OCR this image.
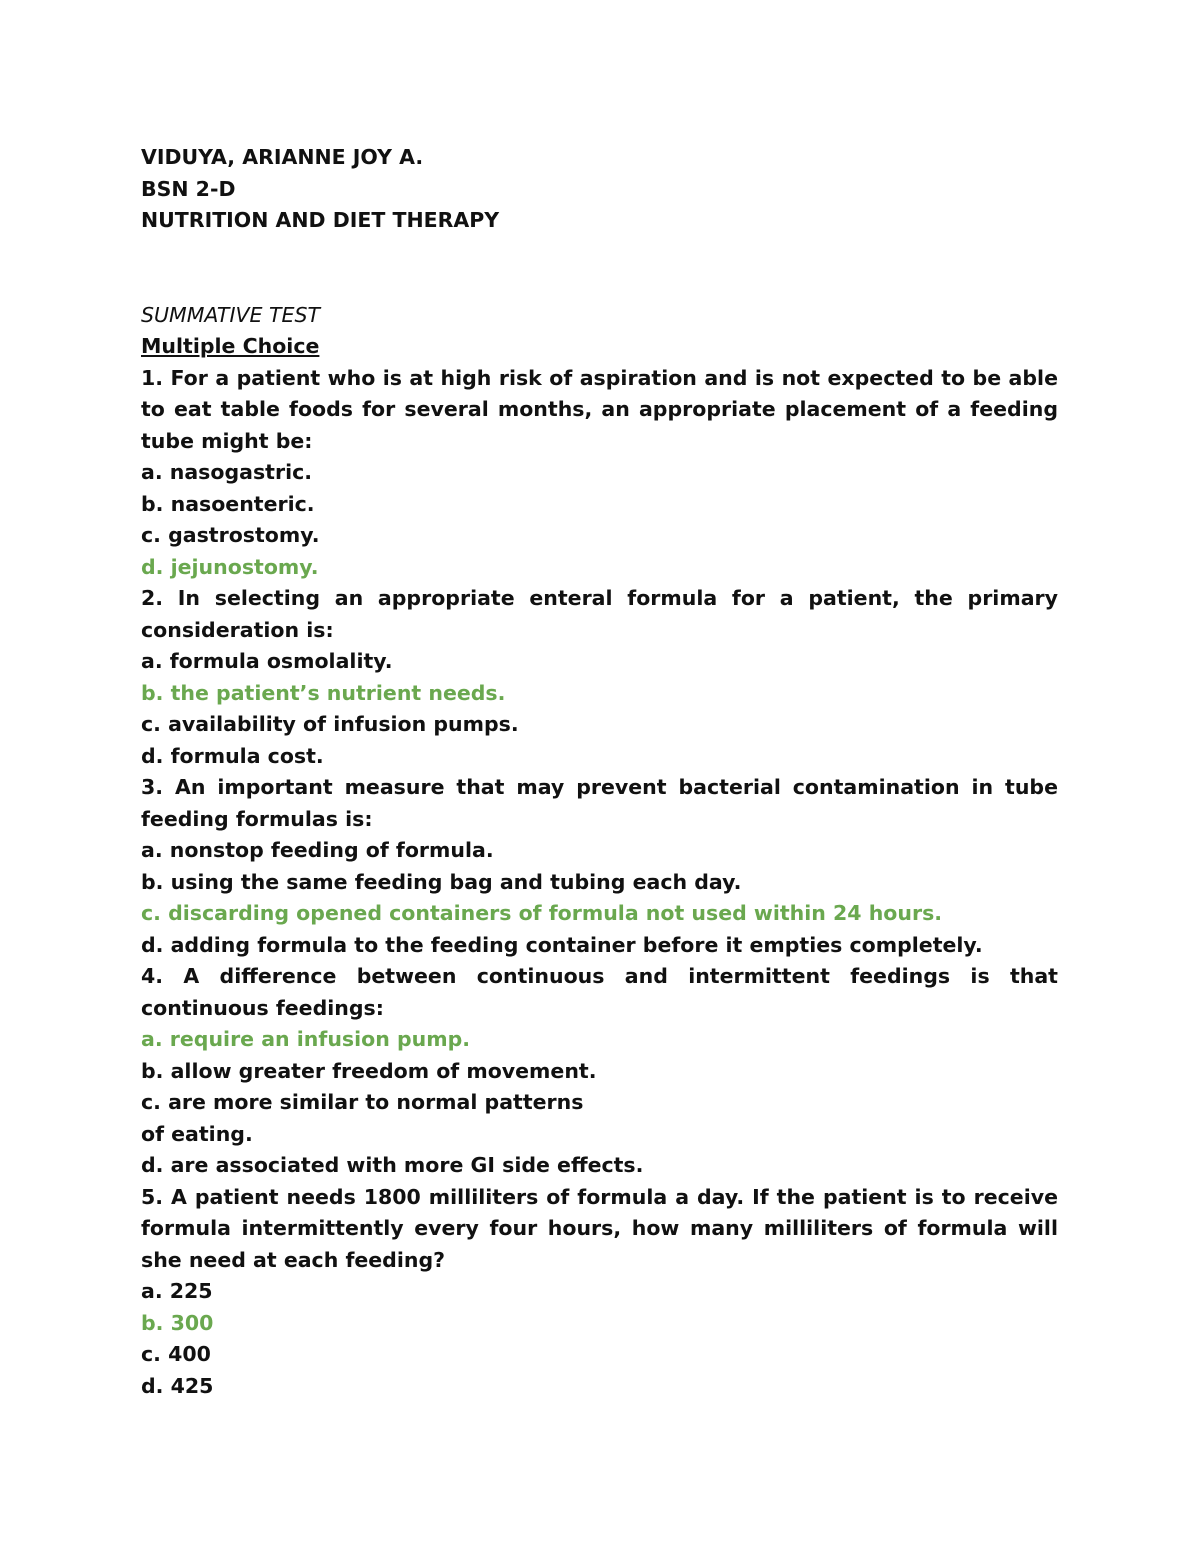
VIDUYA, ARIANNE JOY A.
BSN 2-D
NUTRITION AND DIET THERAPY
SUMMATIVE TEST
Multiple Choice
1. For a patient who is at high risk of aspiration and is not expected to be able to eat table foods for several months, an appropriate placement of a feeding tube might be:
a. nasogastric.
b. nasoenteric.
c. gastrostomy.
d. jejunostomy.
2. In selecting an appropriate enteral formula for a patient, the primary consideration is:
a. formula osmolality.
b. the patient’s nutrient needs.
c. availability of infusion pumps.
d. formula cost.
3. An important measure that may prevent bacterial contamination in tube feeding formulas is:
a. nonstop feeding of formula.
b. using the same feeding bag and tubing each day.
c. discarding opened containers of formula not used within 24 hours.
d. adding formula to the feeding container before it empties completely.
4. A difference between continuous and intermittent feedings is that continuous feedings:
a. require an infusion pump.
b. allow greater freedom of movement.
c. are more similar to normal patterns
of eating.
d. are associated with more GI side effects.
5. A patient needs 1800 milliliters of formula a day. If the patient is to receive formula intermittently every four hours, how many milliliters of formula will she need at each feeding?
a. 225
b. 300
c. 400
d. 425
